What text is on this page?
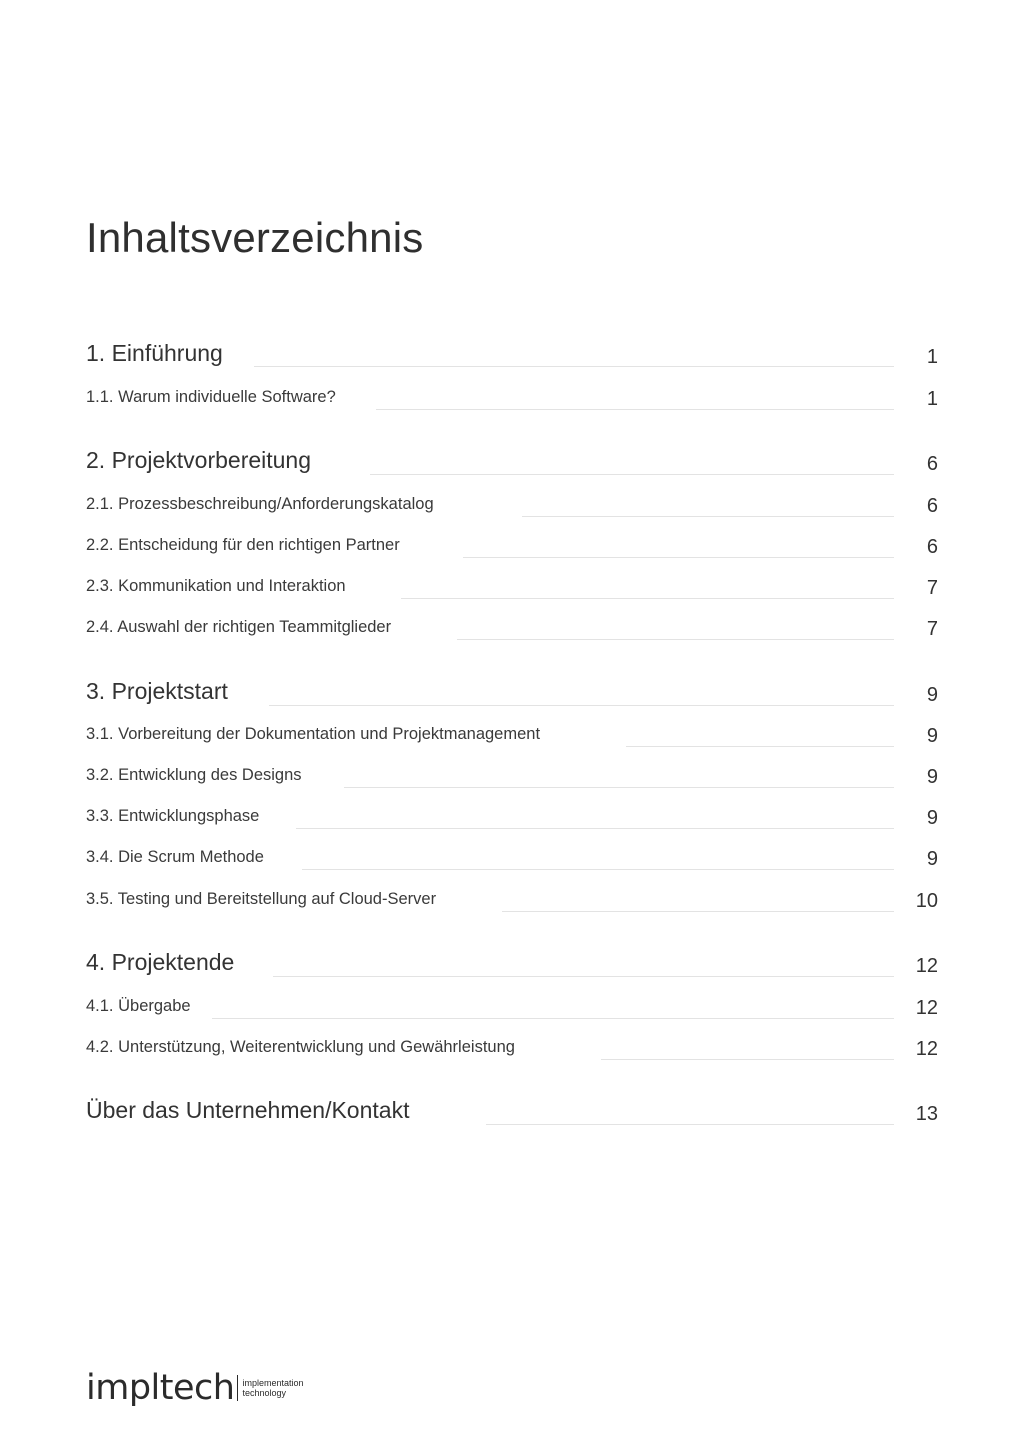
Inhaltsverzeichnis
1. Einführung	1
1.1. Warum individuelle Software?	1
2. Projektvorbereitung	6
2.1. Prozessbeschreibung/Anforderungskatalog	6
2.2. Entscheidung für den richtigen Partner	6
2.3. Kommunikation und Interaktion	7
2.4. Auswahl der richtigen Teammitglieder	7
3. Projektstart	9
3.1. Vorbereitung der Dokumentation und Projektmanagement	9
3.2. Entwicklung des Designs	9
3.3. Entwicklungsphase	9
3.4. Die Scrum Methode	9
3.5. Testing und Bereitstellung auf Cloud-Server	10
4. Projektende	12
4.1. Übergabe	12
4.2. Unterstützung, Weiterentwicklung und Gewährleistung	12
Über das Unternehmen/Kontakt	13
impltech implementation
technology
